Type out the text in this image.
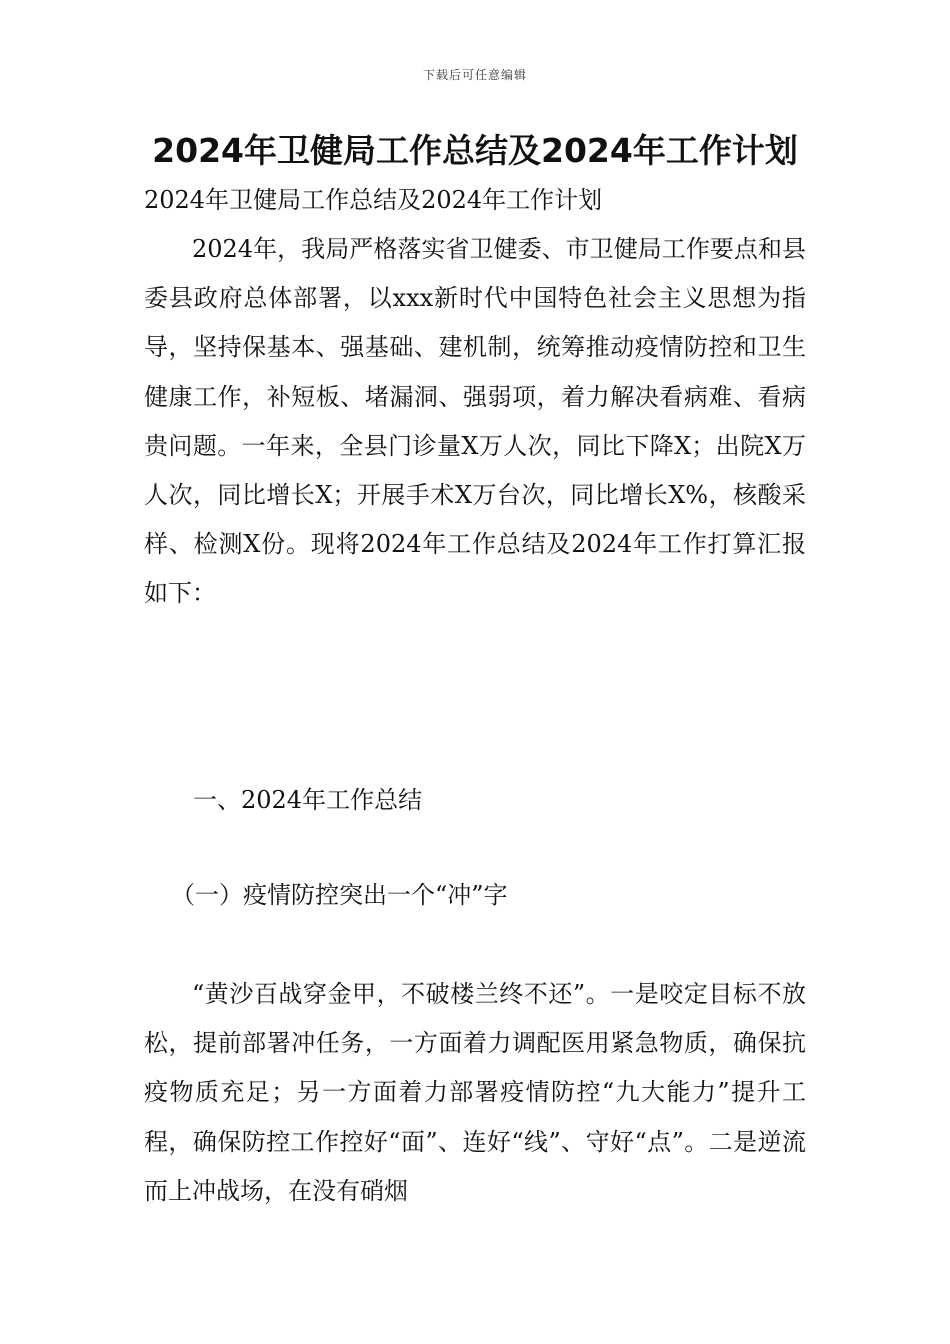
下载后可任意编辑
2024年卫健局工作总结及2024年工作计划

2024年卫健局工作总结及2024年工作计划

2024年，我局严格落实省卫健委、市卫健局工作要点和县委县政府总体部署，以xxx新时代中国特色社会主义思想为指导，坚持保基本、强基础、建机制，统筹推动疫情防控和卫生健康工作，补短板、堵漏洞、强弱项，着力解决看病难、看病贵问题。一年来，全县门诊量X万人次，同比下降X；出院X万人次，同比增长X；开展手术X万台次，同比增长X%，核酸采样、检测X份。现将2024年工作总结及2024年工作打算汇报如下：

一、2024年工作总结

（一）疫情防控突出一个“冲”字

“黄沙百战穿金甲，不破楼兰终不还”。一是咬定目标不放松，提前部署冲任务，一方面着力调配医用紧急物质，确保抗疫物质充足；另一方面着力部署疫情防控“九大能力”提升工程，确保防控工作控好“面”、连好“线”、守好“点”。二是逆流而上冲战场，在没有硝烟
